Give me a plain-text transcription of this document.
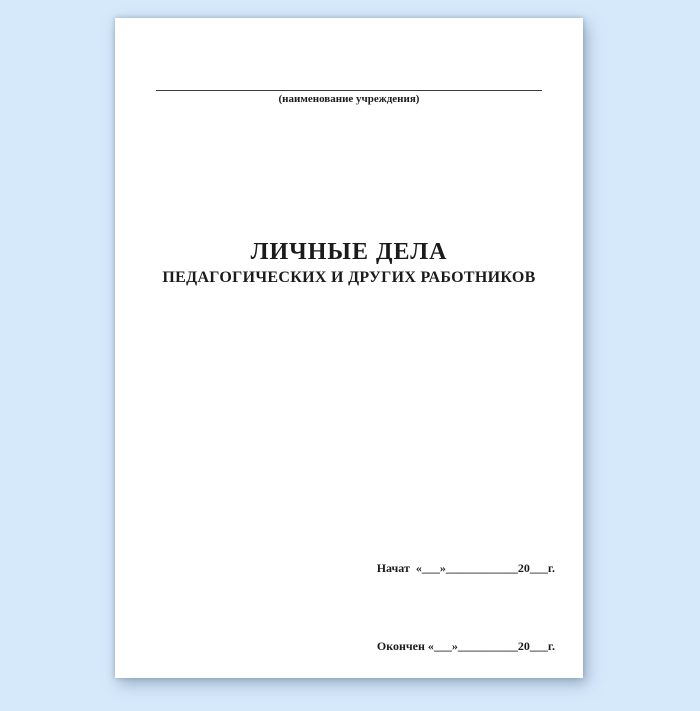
(наименование учреждения)
ЛИЧНЫЕ ДЕЛА
ПЕДАГОГИЧЕСКИХ И ДРУГИХ РАБОТНИКОВ

Начат  «___»____________20___г.

Окончен «___»__________20___г.
